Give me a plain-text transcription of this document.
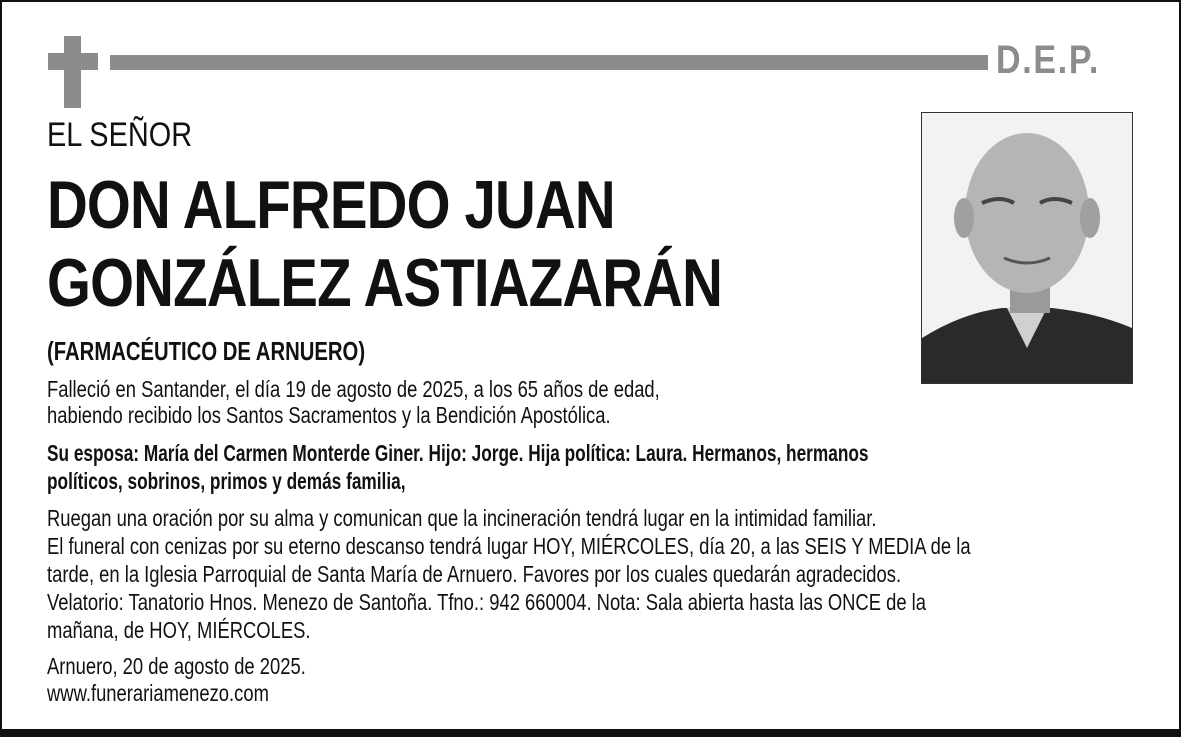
D.E.P.
EL SEÑOR
DON ALFREDO JUAN
GONZÁLEZ ASTIAZARÁN
(FARMACÉUTICO DE ARNUERO)
Falleció en Santander, el día 19 de agosto de 2025, a los 65 años de edad,
habiendo recibido los Santos Sacramentos y la Bendición Apostólica.
Su esposa: María del Carmen Monterde Giner. Hijo: Jorge. Hija política: Laura. Hermanos, hermanos
políticos, sobrinos, primos y demás familia,
Ruegan una oración por su alma y comunican que la incineración tendrá lugar en la intimidad familiar.
El funeral con cenizas por su eterno descanso tendrá lugar HOY, MIÉRCOLES, día 20, a las SEIS Y MEDIA de la
tarde, en la Iglesia Parroquial de Santa María de Arnuero. Favores por los cuales quedarán agradecidos.
Velatorio: Tanatorio Hnos. Menezo de Santoña. Tfno.: 942 660004. Nota: Sala abierta hasta las ONCE de la
mañana, de HOY, MIÉRCOLES.
Arnuero, 20 de agosto de 2025.
www.funerariamenezo.com
